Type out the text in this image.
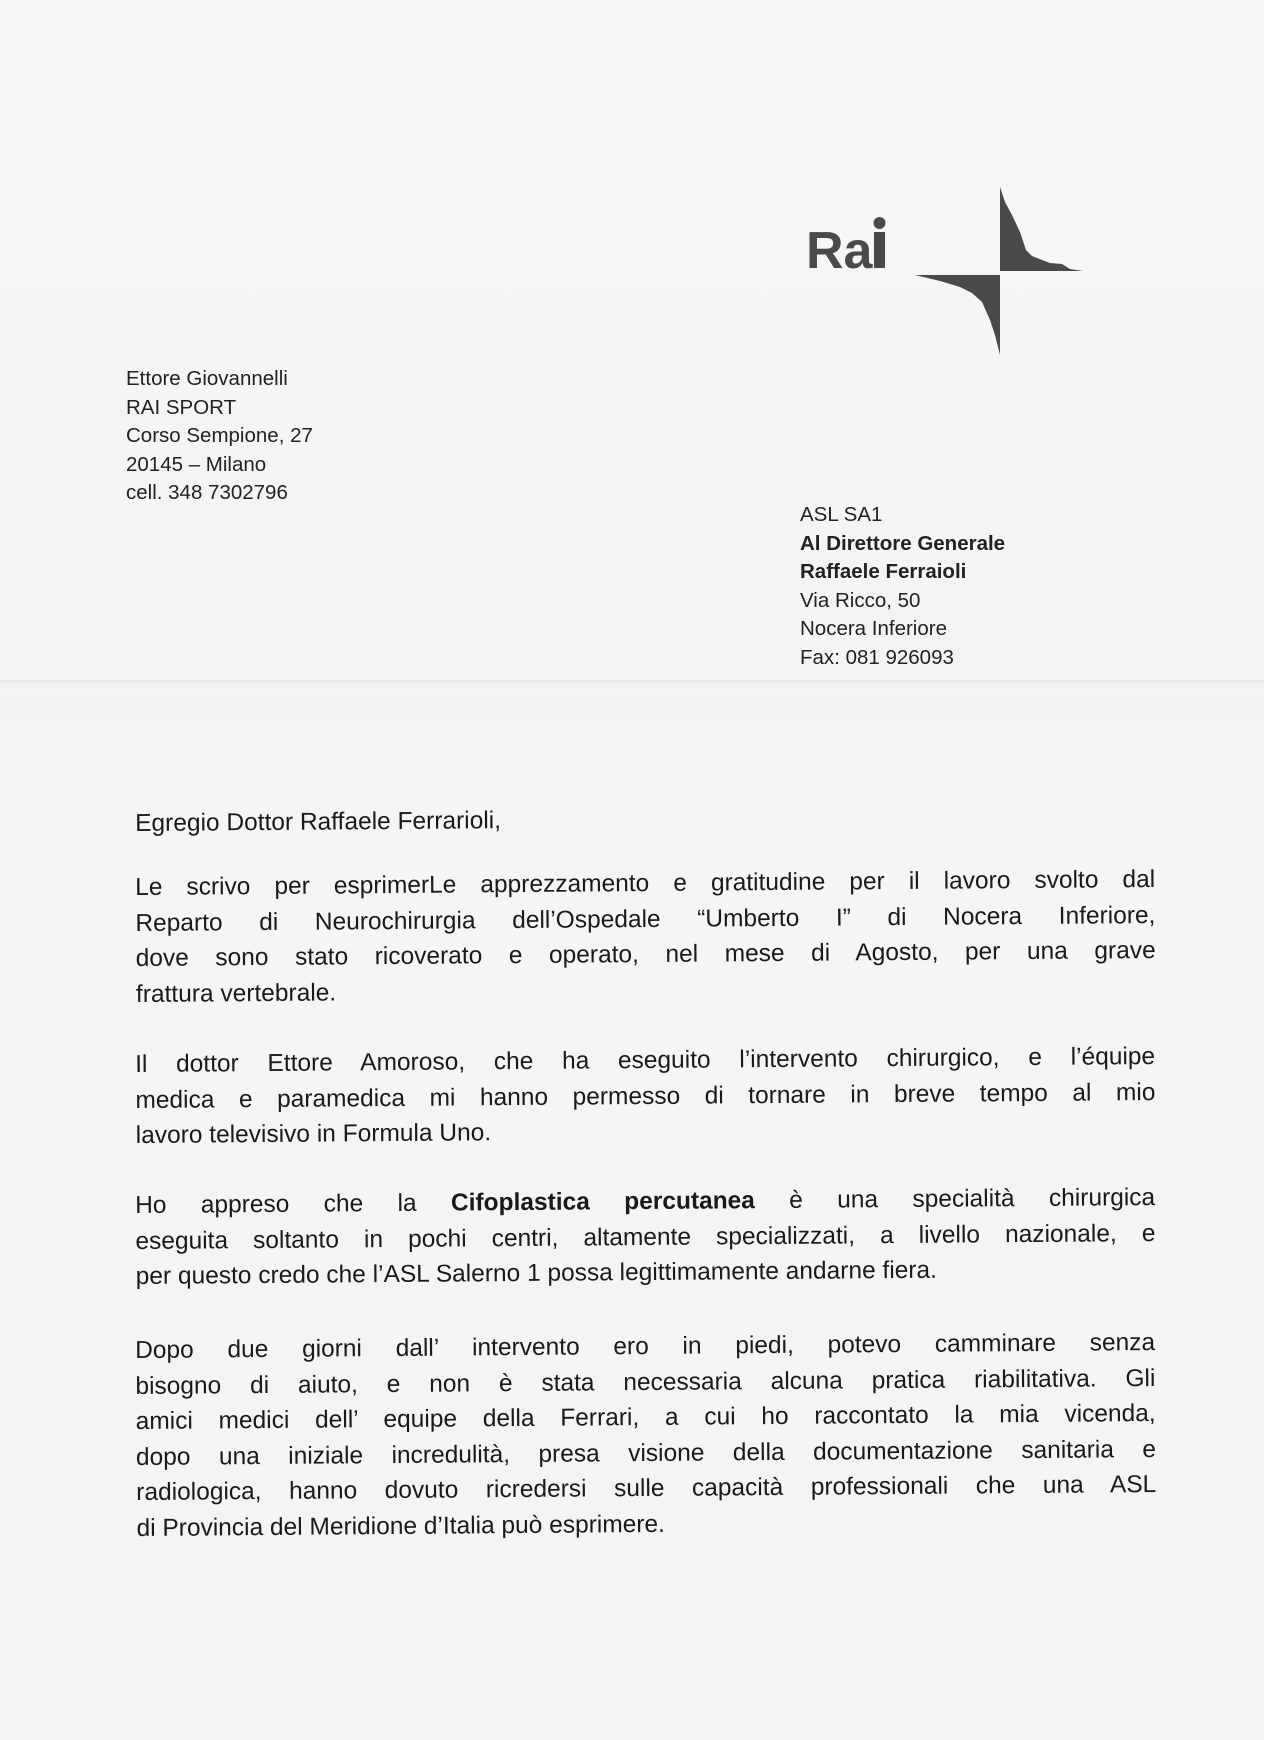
Ra
Ettore Giovannelli
RAI SPORT
Corso Sempione, 27
20145 – Milano
cell. 348 7302796
ASL SA1
Al Direttore Generale
Raffaele Ferraioli
Via Ricco, 50
Nocera Inferiore
Fax: 081 926093
Egregio Dottor Raffaele Ferrarioli,
Le scrivo per esprimerLe apprezzamento e gratitudine per il lavoro svolto dal
Reparto di Neurochirurgia dell’Ospedale “Umberto I” di Nocera Inferiore,
dove sono stato ricoverato e operato, nel mese di Agosto, per una grave
frattura vertebrale.
Il dottor Ettore Amoroso, che ha eseguito l’intervento chirurgico, e l’équipe
medica e paramedica mi hanno permesso di tornare in breve tempo al mio
lavoro televisivo in Formula Uno.
Ho appreso che la Cifoplastica percutanea è una specialità chirurgica
eseguita soltanto in pochi centri, altamente specializzati, a livello nazionale, e
per questo credo che l’ASL Salerno 1 possa legittimamente andarne fiera.
Dopo due giorni dall’ intervento ero in piedi, potevo camminare senza
bisogno di aiuto, e non è stata necessaria alcuna pratica riabilitativa. Gli
amici medici dell’ equipe della Ferrari, a cui ho raccontato la mia vicenda,
dopo una iniziale incredulità, presa visione della documentazione sanitaria e
radiologica, hanno dovuto ricredersi sulle capacità professionali che una ASL
di Provincia del Meridione d’Italia può esprimere.
